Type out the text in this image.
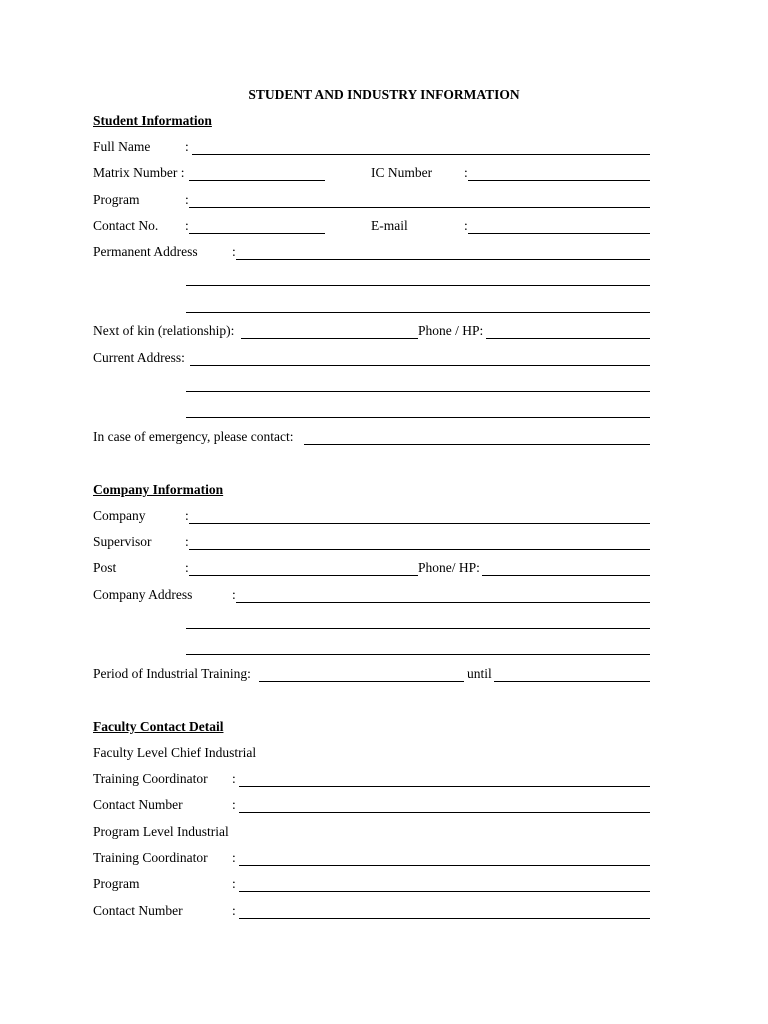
STUDENT AND INDUSTRY INFORMATION
Student Information
Full Name	:
Matrix Number :	IC Number :
Program	:
Contact No. :	E-mail	:
Permanent Address	:
Next of kin (relationship):	Phone / HP:
Current Address:
In case of emergency, please contact:
Company Information
Company	:
Supervisor :
Post	:	Phone/ HP:
Company Address	:
Period of Industrial Training:	until
Faculty Contact Detail
Faculty Level Chief Industrial
Training Coordinator :
Contact Number	:
Program Level Industrial
Training Coordinator :
Program	:
Contact Number	:
